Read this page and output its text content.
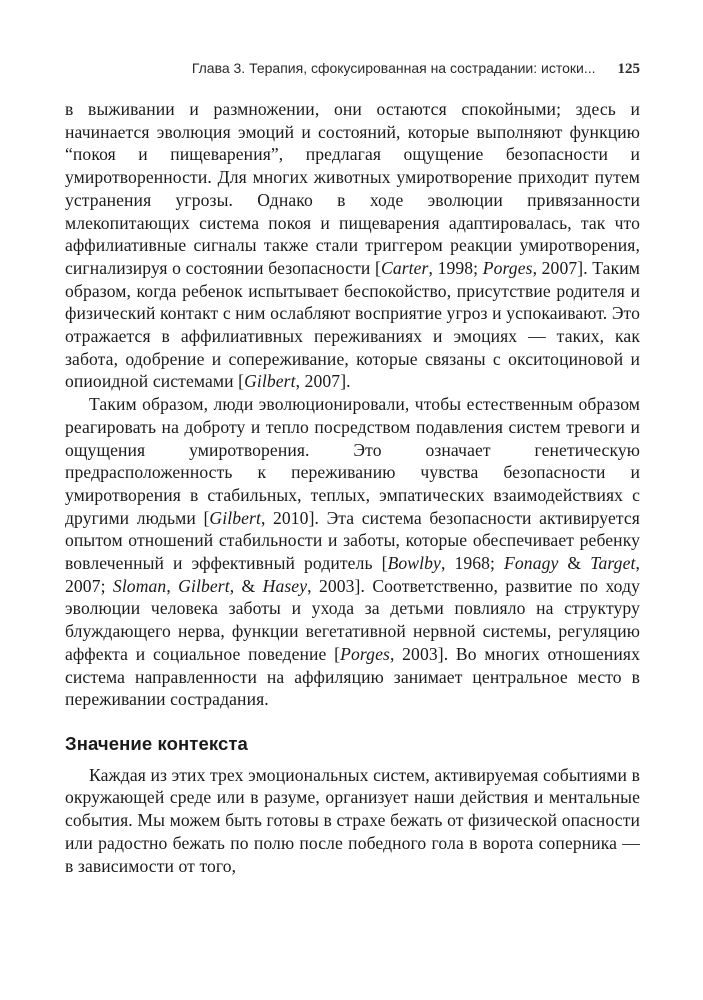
Глава 3. Терапия, сфокусированная на сострадании: истоки... 125

в выживании и размножении, они остаются спокойными; здесь и начинается эволюция эмоций и состояний, которые выполняют функцию “покоя и пищеварения”, предлагая ощущение безопасности и умиротворенности. Для многих животных умиротворение приходит путем устранения угрозы. Однако в ходе эволюции привязанности млекопитающих система покоя и пищеварения адаптировалась, так что аффилиативные сигналы также стали триггером реакции умиротворения, сигнализируя о состоянии безопасности [Carter, 1998; Porges, 2007]. Таким образом, когда ребенок испытывает беспокойство, присутствие родителя и физический контакт с ним ослабляют восприятие угроз и успокаивают. Это отражается в аффилиативных переживаниях и эмоциях — таких, как забота, одобрение и сопереживание, которые связаны с окситоциновой и опиоидной системами [Gilbert, 2007].

Таким образом, люди эволюционировали, чтобы естественным образом реагировать на доброту и тепло посредством подавления систем тревоги и ощущения умиротворения. Это означает генетическую предрасположенность к переживанию чувства безопасности и умиротворения в стабильных, теплых, эмпатических взаимодействиях с другими людьми [Gilbert, 2010]. Эта система безопасности активируется опытом отношений стабильности и заботы, которые обеспечивает ребенку вовлеченный и эффективный родитель [Bowlby, 1968; Fonagy & Target, 2007; Sloman, Gilbert, & Hasey, 2003]. Соответственно, развитие по ходу эволюции человека заботы и ухода за детьми повлияло на структуру блуждающего нерва, функции вегетативной нервной системы, регуляцию аффекта и социальное поведение [Porges, 2003]. Во многих отношениях система направленности на аффиляцию занимает центральное место в переживании сострадания.

Значение контекста

Каждая из этих трех эмоциональных систем, активируемая событиями в окружающей среде или в разуме, организует наши действия и ментальные события. Мы можем быть готовы в страхе бежать от физической опасности или радостно бежать по полю после победного гола в ворота соперника — в зависимости от того,
